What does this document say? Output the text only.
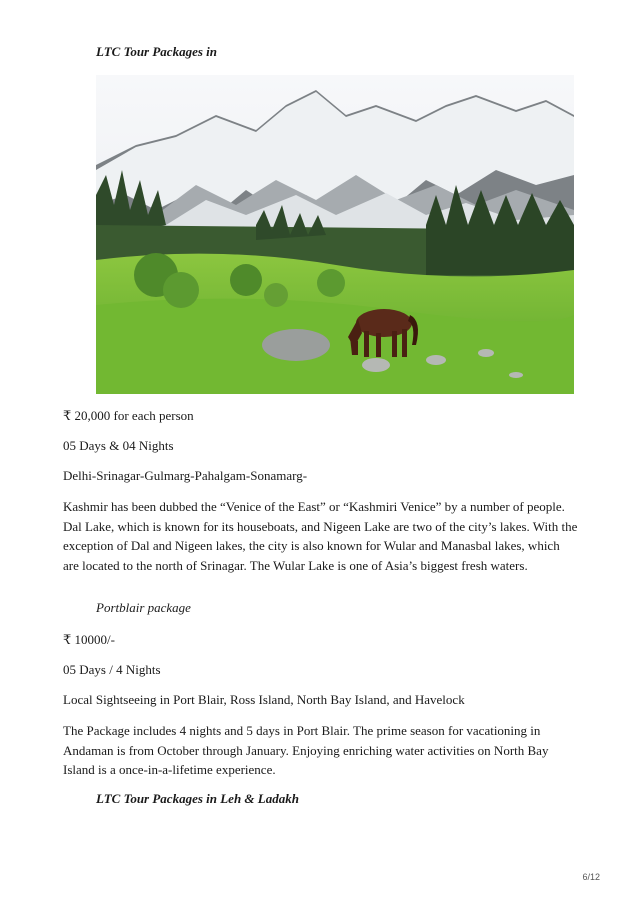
LTC Tour Packages in
₹ 20,000 for each person
05 Days & 04 Nights
Delhi-Srinagar-Gulmarg-Pahalgam-Sonamarg-
Kashmir has been dubbed the “Venice of the East” or “Kashmiri Venice” by a number of people. Dal Lake, which is known for its houseboats, and Nigeen Lake are two of the city’s lakes. With the exception of Dal and Nigeen lakes, the city is also known for Wular and Manasbal lakes, which are located to the north of Srinagar. The Wular Lake is one of Asia’s biggest fresh waters.
Portblair package
₹ 10000/-
05 Days / 4 Nights
Local Sightseeing in Port Blair, Ross Island, North Bay Island, and Havelock
The Package includes 4 nights and 5 days in Port Blair. The prime season for vacationing in Andaman is from October through January. Enjoying enriching water activities on North Bay Island is a once-in-a-lifetime experience.
LTC Tour Packages in Leh & Ladakh
6/12
